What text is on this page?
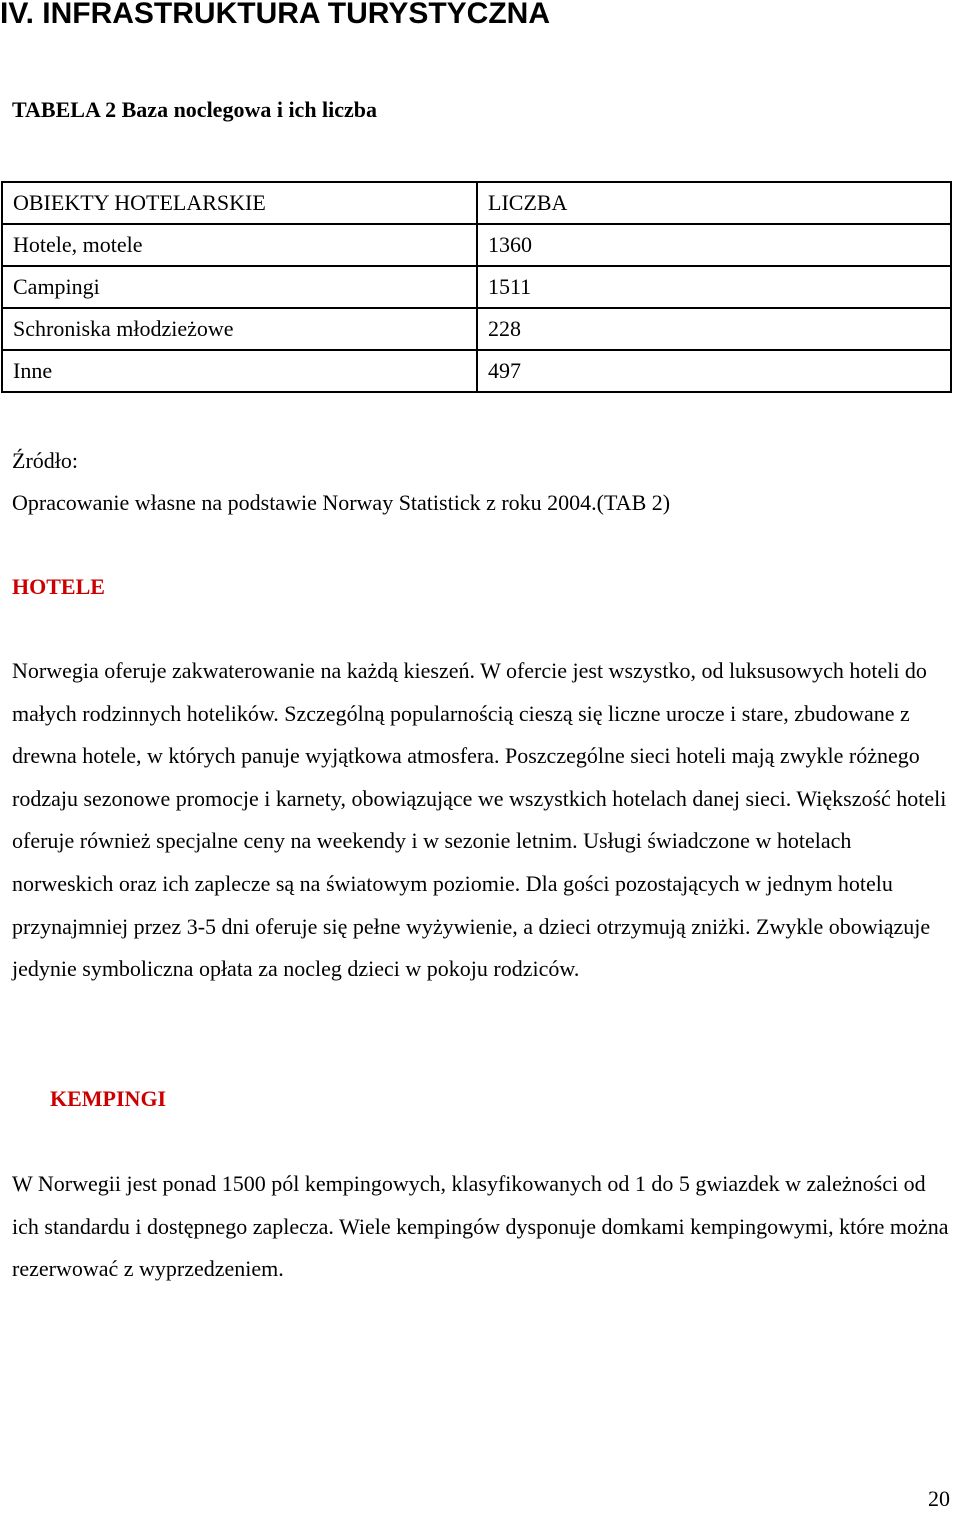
IV. INFRASTRUKTURA TURYSTYCZNA
TABELA 2 Baza noclegowa i ich liczba
OBIEKTY HOTELARSKIE	LICZBA
Hotele, motele	1360
Campingi	1511
Schroniska młodzieżowe	228
Inne	497
Źródło:
Opracowanie własne na podstawie Norway Statistick z roku 2004.(TAB 2)
HOTELE

Norwegia oferuje zakwaterowanie na każdą kieszeń. W ofercie jest wszystko, od luksusowych hoteli do małych rodzinnych hotelików. Szczególną popularnością cieszą się liczne urocze i stare, zbudowane z drewna hotele, w których panuje wyjątkowa atmosfera. Poszczególne sieci hoteli mają zwykle różnego rodzaju sezonowe promocje i karnety, obowiązujące we wszystkich hotelach danej sieci. Większość hoteli oferuje również specjalne ceny na weekendy i w sezonie letnim. Usługi świadczone w hotelach norweskich oraz ich zaplecze są na światowym poziomie. Dla gości pozostających w jednym hotelu przynajmniej przez 3-5 dni oferuje się pełne wyżywienie, a dzieci otrzymują zniżki. Zwykle obowiązuje jedynie symboliczna opłata za nocleg dzieci w pokoju rodziców.

KEMPINGI

W Norwegii jest ponad 1500 pól kempingowych, klasyfikowanych od 1 do 5 gwiazdek w zależności od ich standardu i dostępnego zaplecza. Wiele kempingów dysponuje domkami kempingowymi, które można rezerwować z wyprzedzeniem.

20
